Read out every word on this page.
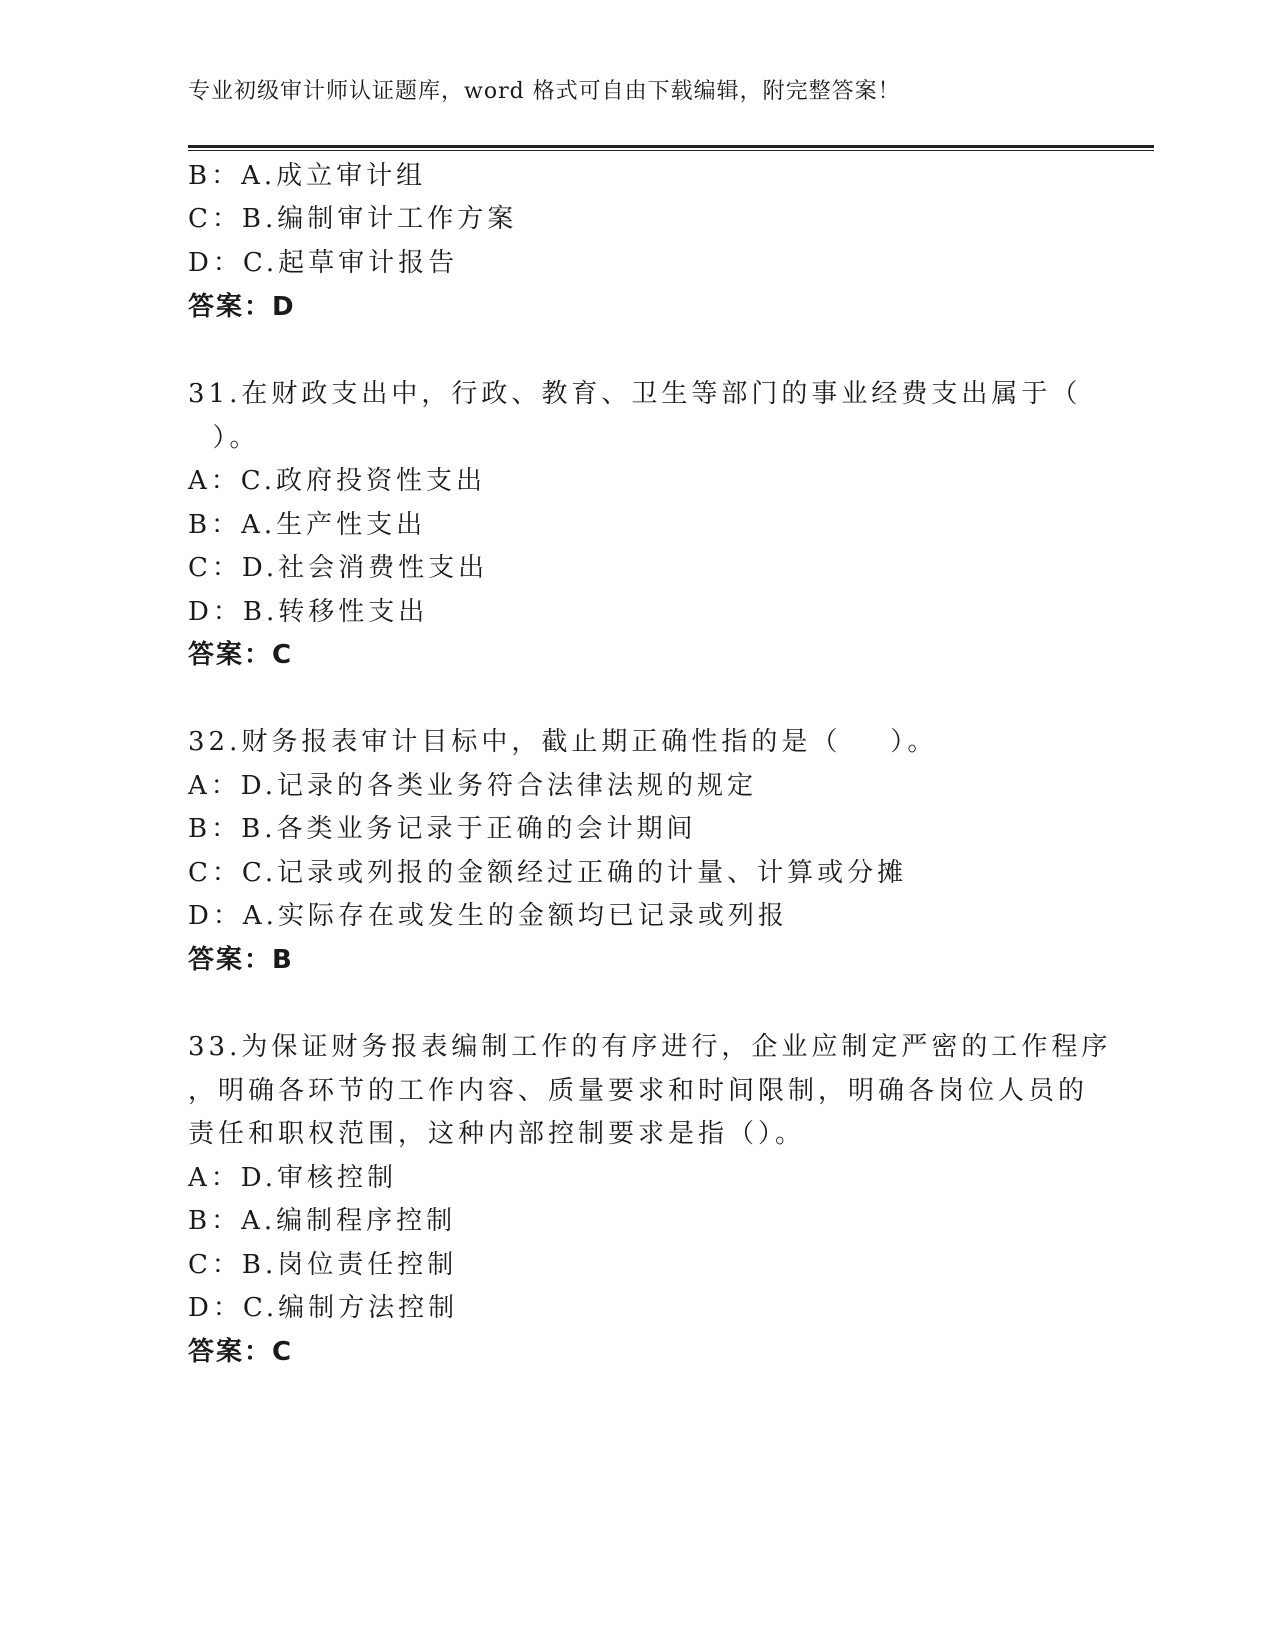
专业初级审计师认证题库，word 格式可自由下载编辑，附完整答案！
B：A.成立审计组
C：B.编制审计工作方案
D：C.起草审计报告
答案：D
31.在财政支出中，行政、教育、卫生等部门的事业经费支出属于（
）。
A：C.政府投资性支出
B：A.生产性支出
C：D.社会消费性支出
D：B.转移性支出
答案：C
32.财务报表审计目标中，截止期正确性指的是（    ）。
A：D.记录的各类业务符合法律法规的规定
B：B.各类业务记录于正确的会计期间
C：C.记录或列报的金额经过正确的计量、计算或分摊
D：A.实际存在或发生的金额均已记录或列报
答案：B
33.为保证财务报表编制工作的有序进行，企业应制定严密的工作程序
，明确各环节的工作内容、质量要求和时间限制，明确各岗位人员的
责任和职权范围，这种内部控制要求是指（）。
A：D.审核控制
B：A.编制程序控制
C：B.岗位责任控制
D：C.编制方法控制
答案：C
